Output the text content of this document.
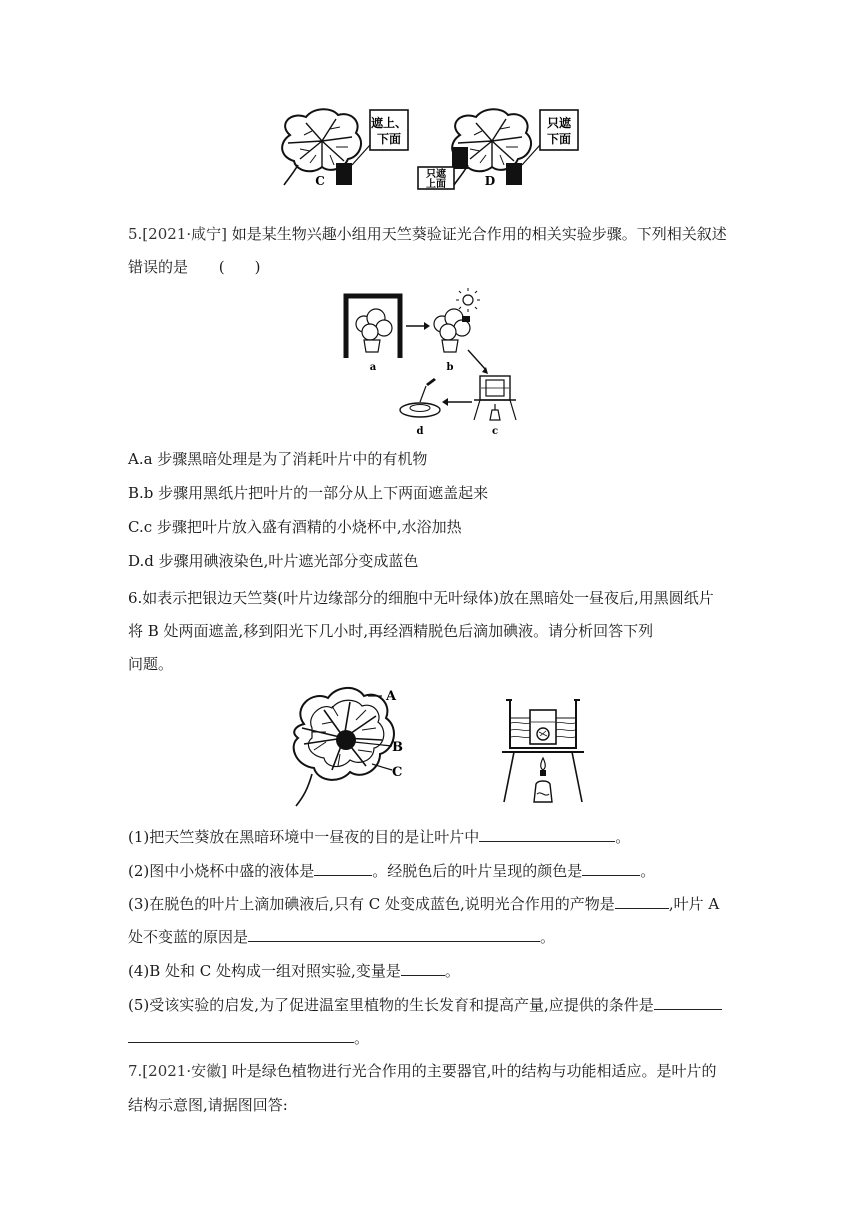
遮上、
下面
C
只遮
下面
只遮
上面	D
5.[2021·咸宁] 如是某生物兴趣小组用天竺葵验证光合作用的相关实验步骤。下列相关叙述
错误的是 (　　)
a	b
c
d
A.a 步骤黑暗处理是为了消耗叶片中的有机物
B.b 步骤用黑纸片把叶片的一部分从上下两面遮盖起来
C.c 步骤把叶片放入盛有酒精的小烧杯中,水浴加热
D.d 步骤用碘液染色,叶片遮光部分变成蓝色
6.如表示把银边天竺葵(叶片边缘部分的细胞中无叶绿体)放在黑暗处一昼夜后,用黑圆纸片
将 B 处两面遮盖,移到阳光下几小时,再经酒精脱色后滴加碘液。请分析回答下列
问题。
A
B
C
(1)把天竺葵放在黑暗环境中一昼夜的目的是让叶片中	。
(2)图中小烧杯中盛的液体是	。经脱色后的叶片呈现的颜色是	。
(3)在脱色的叶片上滴加碘液后,只有 C 处变成蓝色,说明光合作用的产物是	,叶片 A
处不变蓝的原因是	。
(4)B 处和 C 处构成一组对照实验,变量是	。
(5)受该实验的启发,为了促进温室里植物的生长发育和提高产量,应提供的条件是
。
7.[2021·安徽] 叶是绿色植物进行光合作用的主要器官,叶的结构与功能相适应。是叶片的
结构示意图,请据图回答:
